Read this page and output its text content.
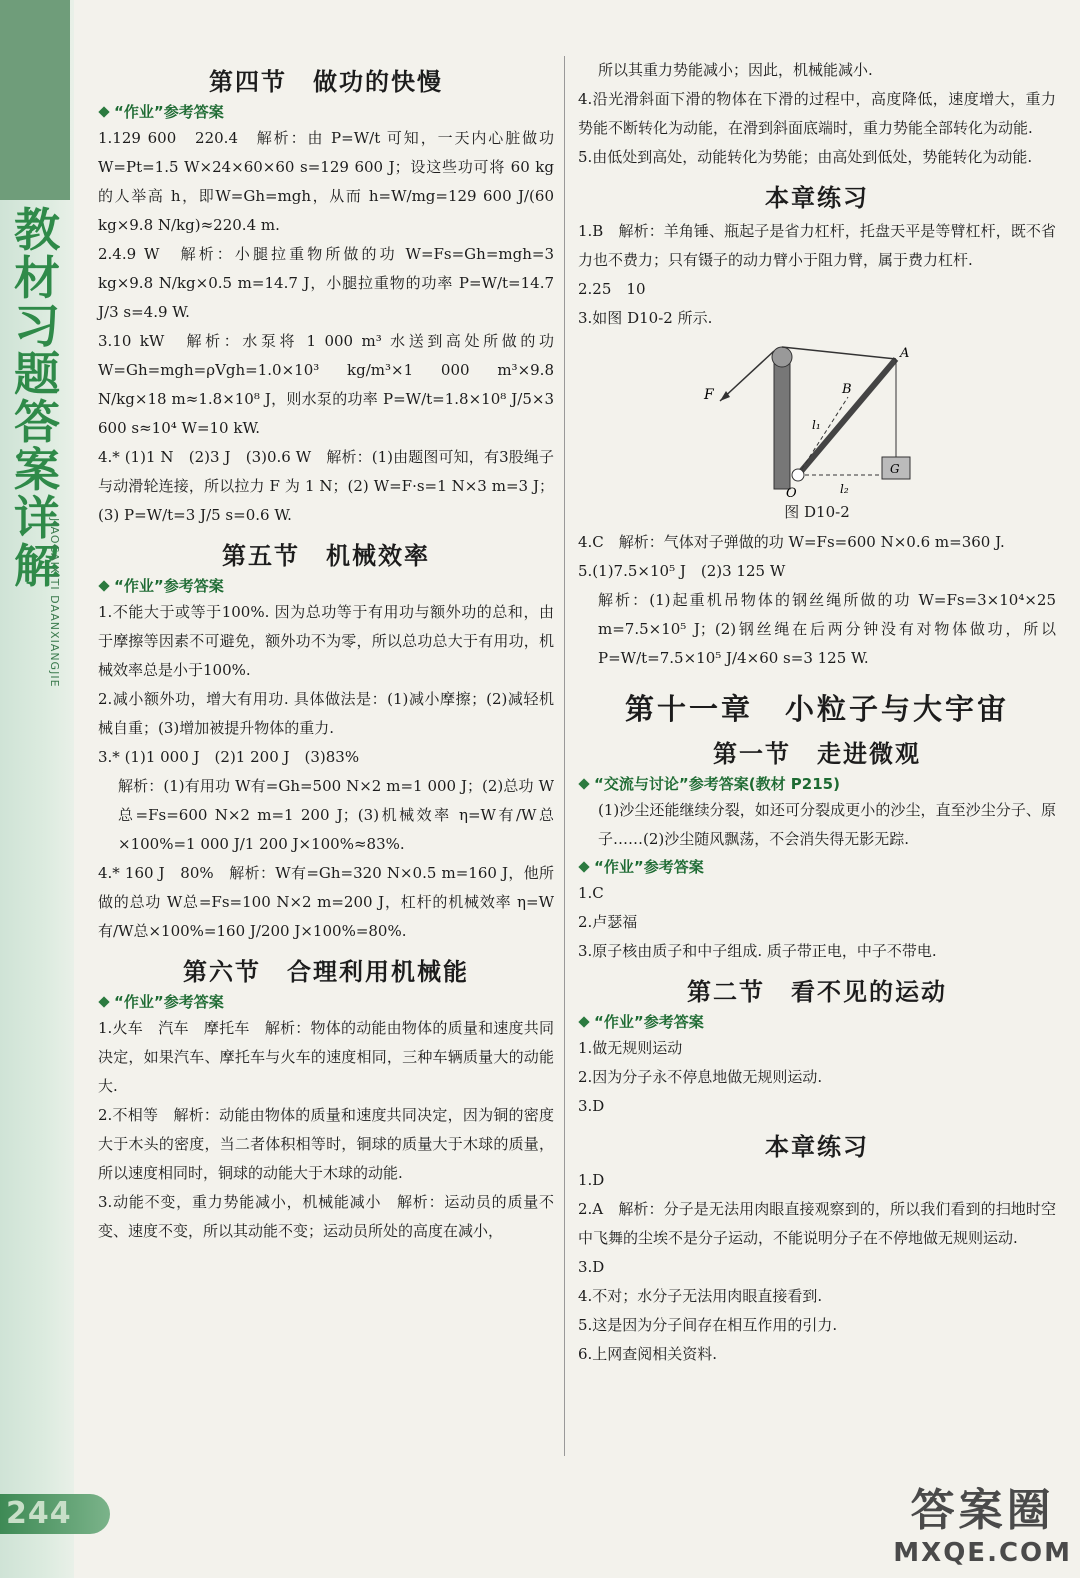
教材习题答案详解
JIAOCAIXITI DAANXIANGJIE
244
第四节　做功的快慢
“作业”参考答案

1.129 600　220.4　解析：由 P=W/t 可知，一天内心脏做功 W=Pt=1.5 W×24×60×60 s=129 600 J；设这些功可将 60 kg 的人举高 h，即W=Gh=mgh，从而 h=W/mg=129 600 J/(60 kg×9.8 N/kg)≈220.4 m.

2.4.9 W　解析：小腿拉重物所做的功 W=Fs=Gh=mgh=3 kg×9.8 N/kg×0.5 m=14.7 J，小腿拉重物的功率 P=W/t=14.7 J/3 s=4.9 W.

3.10 kW　解析：水泵将 1 000 m³ 水送到高处所做的功 W=Gh=mgh=ρVgh=1.0×10³ kg/m³×1 000 m³×9.8 N/kg×18 m≈1.8×10⁸ J，则水泵的功率 P=W/t=1.8×10⁸ J/5×3 600 s≈10⁴ W=10 kW.

4.* (1)1 N　(2)3 J　(3)0.6 W　解析：(1)由题图可知，有3股绳子与动滑轮连接，所以拉力 F 为 1 N；(2) W=F·s=1 N×3 m=3 J；(3) P=W/t=3 J/5 s=0.6 W.

第五节　机械效率
“作业”参考答案

1.不能大于或等于100%. 因为总功等于有用功与额外功的总和，由于摩擦等因素不可避免，额外功不为零，所以总功总大于有用功，机械效率总是小于100%.

2.减小额外功，增大有用功. 具体做法是：(1)减小摩擦；(2)减轻机械自重；(3)增加被提升物体的重力.

3.* (1)1 000 J　(2)1 200 J　(3)83%

解析：(1)有用功 W有=Gh=500 N×2 m=1 000 J；(2)总功 W总=Fs=600 N×2 m=1 200 J；(3)机械效率 η=W有/W总×100%=1 000 J/1 200 J×100%≈83%.

4.* 160 J　80%　解析：W有=Gh=320 N×0.5 m=160 J，他所做的总功 W总=Fs=100 N×2 m=200 J，杠杆的机械效率 η=W有/W总×100%=160 J/200 J×100%=80%.

第六节　合理利用机械能
“作业”参考答案

1.火车　汽车　摩托车　解析：物体的动能由物体的质量和速度共同决定，如果汽车、摩托车与火车的速度相同，三种车辆质量大的动能大.

2.不相等　解析：动能由物体的质量和速度共同决定，因为铜的密度大于木头的密度，当二者体积相等时，铜球的质量大于木球的质量，所以速度相同时，铜球的动能大于木球的动能.

3.动能不变，重力势能减小，机械能减小　解析：运动员的质量不变、速度不变，所以其动能不变；运动员所处的高度在减小，

所以其重力势能减小；因此，机械能减小.

4.沿光滑斜面下滑的物体在下滑的过程中，高度降低，速度增大，重力势能不断转化为动能，在滑到斜面底端时，重力势能全部转化为动能.

5.由低处到高处，动能转化为势能；由高处到低处，势能转化为动能.

本章练习

1.B　解析：羊角锤、瓶起子是省力杠杆，托盘天平是等臂杠杆，既不省力也不费力；只有镊子的动力臂小于阻力臂，属于费力杠杆.

2.25　10

3.如图 D10-2 所示.

F	B
A
O
l₁
l₂
G
图 D10-2

4.C　解析：气体对子弹做的功 W=Fs=600 N×0.6 m=360 J.

5.(1)7.5×10⁵ J　(2)3 125 W

解析：(1)起重机吊物体的钢丝绳所做的功 W=Fs=3×10⁴×25 m=7.5×10⁵ J；(2)钢丝绳在后两分钟没有对物体做功，所以 P=W/t=7.5×10⁵ J/4×60 s=3 125 W.

第十一章　小粒子与大宇宙
第一节　走进微观
“交流与讨论”参考答案(教材 P215)

(1)沙尘还能继续分裂，如还可分裂成更小的沙尘，直至沙尘分子、原子……(2)沙尘随风飘荡，不会消失得无影无踪.

“作业”参考答案

1.C

2.卢瑟福

3.原子核由质子和中子组成. 质子带正电，中子不带电.

第二节　看不见的运动
“作业”参考答案

1.做无规则运动

2.因为分子永不停息地做无规则运动.

3.D

本章练习

1.D

2.A　解析：分子是无法用肉眼直接观察到的，所以我们看到的扫地时空中飞舞的尘埃不是分子运动，不能说明分子在不停地做无规则运动.

3.D

4.不对；水分子无法用肉眼直接看到.

5.这是因为分子间存在相互作用的引力.

6.上网查阅相关资料.

答案圈
MXQE.COM
